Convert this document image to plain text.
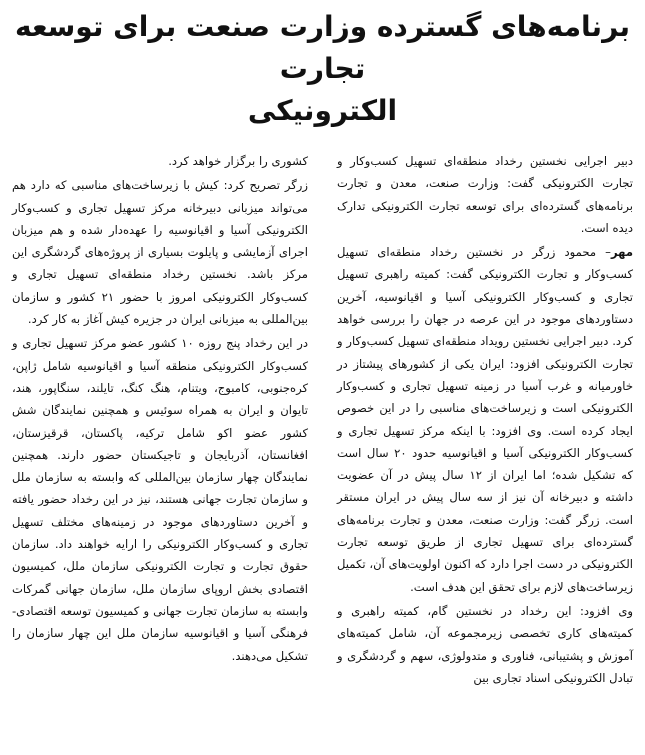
برنامه‌های گسترده وزارت صنعت برای توسعه تجارت
الکترونیکی

دبیر اجرایی نخستین رخداد منطقه‌ای تسهیل کسب‌وکار و تجارت الکترونیکی گفت: وزارت صنعت، معدن و تجارت برنامه‌های گسترده‌ای برای توسعه تجارت الکترونیکی تدارک دیده است.

مهر– محمود زرگر در نخستین رخداد منطقه‌ای تسهیل کسب‌وکار و تجارت الکترونیکی گفت: کمیته راهبری تسهیل تجاری و کسب‌وکار الکترونیکی آسیا و اقیانوسیه، آخرین دستاوردهای موجود در این عرصه در جهان را بررسی خواهد کرد. دبیر اجرایی نخستین رویداد منطقه‌ای تسهیل کسب‌وکار و تجارت الکترونیکی افزود: ایران یکی از کشورهای پیشتاز در خاورمیانه و غرب آسیا در زمینه تسهیل تجاری و کسب‌وکار الکترونیکی است و زیرساخت‌های مناسبی را در این خصوص ایجاد کرده است. وی افزود: با اینکه مرکز تسهیل تجاری و کسب‌وکار الکترونیکی آسیا و اقیانوسیه حدود ۲۰ سال است که تشکیل شده؛ اما ایران از ۱۲ سال پیش در آن عضویت داشته و دبیرخانه آن نیز از سه سال پیش در ایران مستقر است. زرگر گفت: وزارت صنعت، معدن و تجارت برنامه‌های گسترده‌ای برای تسهیل تجاری از طریق توسعه تجارت الکترونیکی در دست اجرا دارد که اکنون اولویت‌های آن، تکمیل زیرساخت‌های لازم برای تحقق این هدف است.

وی افزود: این رخداد در نخستین گام، کمیته راهبری و کمیته‌های کاری تخصصی زیرمجموعه آن، شامل کمیته‌های آموزش و پشتیبانی، فناوری و متدولوژی، سهم و گردشگری و تبادل الکترونیکی اسناد تجاری بین

کشوری را برگزار خواهد کرد.

زرگر تصریح کرد: کیش با زیرساخت‌های مناسبی که دارد هم می‌تواند میزبانی دبیرخانه مرکز تسهیل تجاری و کسب‌وکار الکترونیکی آسیا و اقیانوسیه را عهده‌دار شده و هم میزبان اجرای آزمایشی و پایلوت بسیاری از پروژه‌های گردشگری این مرکز باشد. نخستین رخداد منطقه‌ای تسهیل تجاری و کسب‌وکار الکترونیکی امروز با حضور ۲۱ کشور و سازمان بین‌المللی به میزبانی ایران در جزیره کیش آغاز به کار کرد.

در این رخداد پنج روزه ۱۰ کشور عضو مرکز تسهیل تجاری و کسب‌وکار الکترونیکی منطقه آسیا و اقیانوسیه شامل ژاپن، کره‌جنوبی، کامبوج، ویتنام، هنگ کنگ، تایلند، سنگاپور، هند، تایوان و ایران به همراه سوئیس و همچنین نمایندگان شش کشور عضو اکو شامل ترکیه، پاکستان، قرقیزستان، افغانستان، آذربایجان و تاجیکستان حضور دارند. همچنین نمایندگان چهار سازمان بین‌المللی که وابسته به سازمان ملل و سازمان تجارت جهانی هستند، نیز در این رخداد حضور یافته و آخرین دستاوردهای موجود در زمینه‌های مختلف تسهیل تجاری و کسب‌وکار الکترونیکی را ارایه خواهند داد. سازمان حقوق تجارت و تجارت الکترونیکی سازمان ملل، کمیسیون اقتصادی بخش اروپای سازمان ملل، سازمان جهانی گمرکات وابسته به سازمان تجارت جهانی و کمیسیون توسعه اقتصادی-فرهنگی آسیا و اقیانوسیه سازمان ملل این چهار سازمان را تشکیل می‌دهند.
